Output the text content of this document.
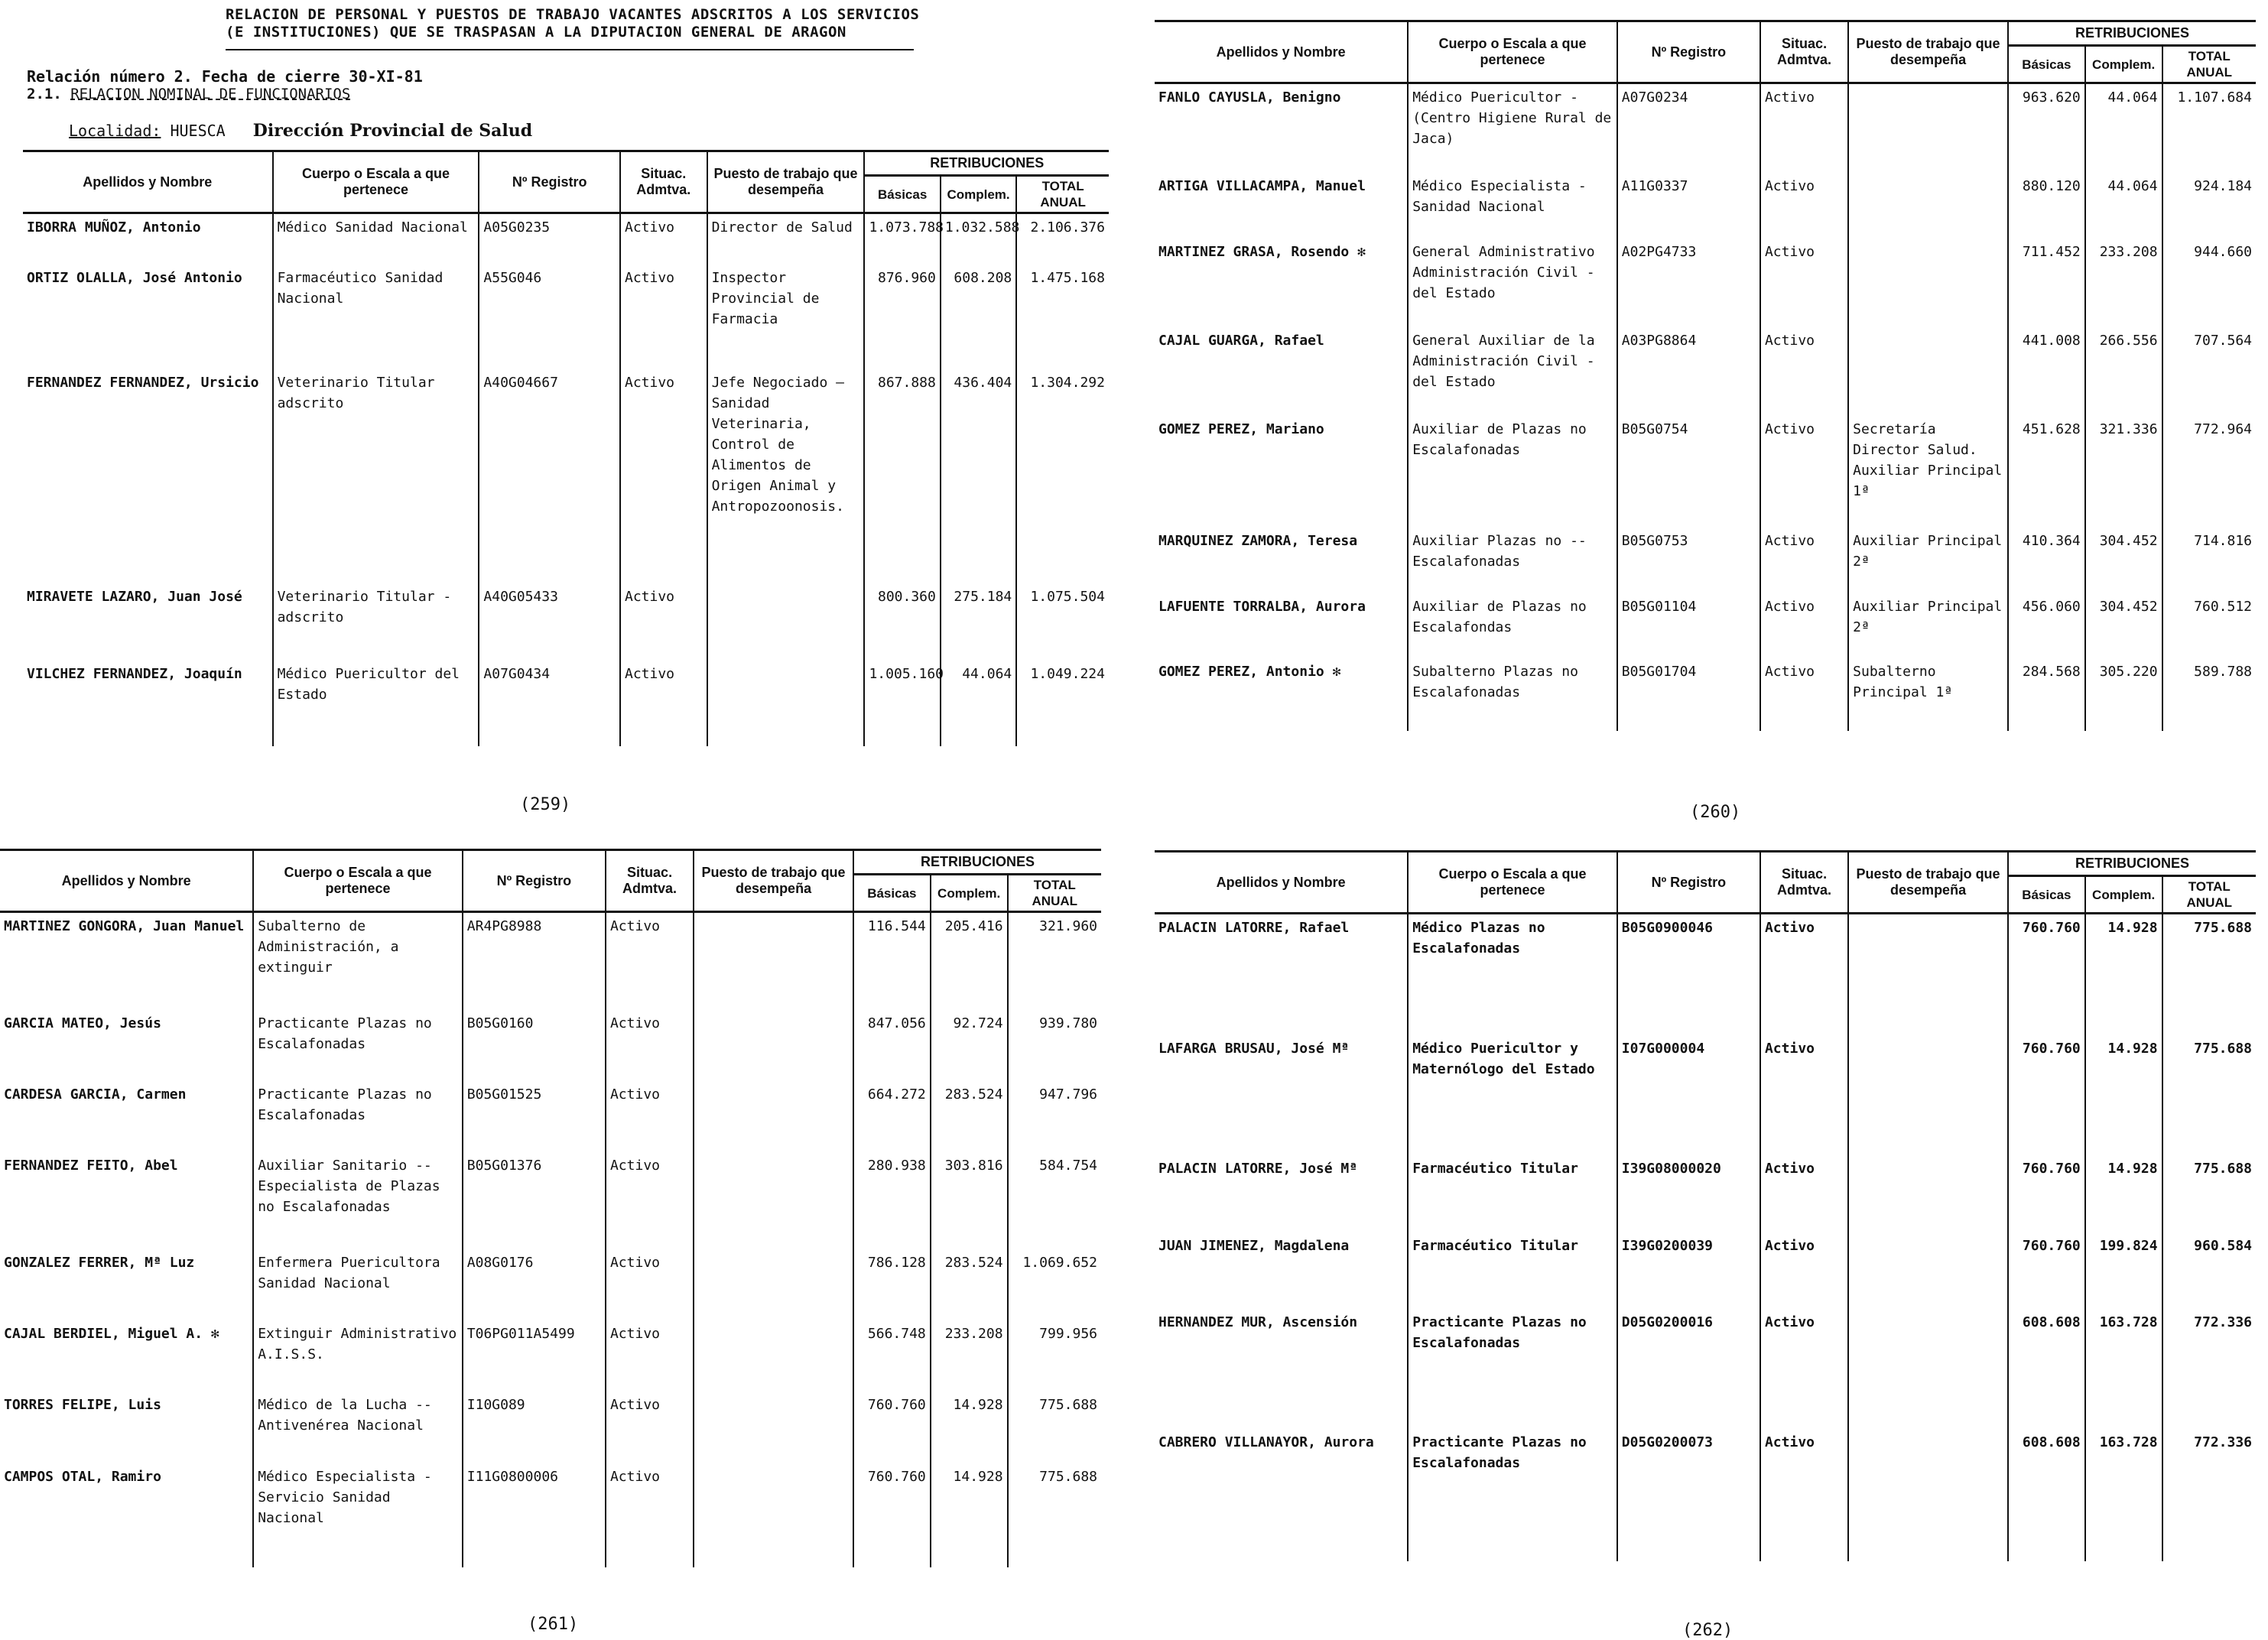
RELACION DE PERSONAL Y PUESTOS DE TRABAJO VACANTES ADSCRITOS A LOS SERVICIOS
(E INSTITUCIONES) QUE SE TRASPASAN A LA DIPUTACION GENERAL DE ARAGON
Relación número 2. Fecha de cierre 30-XI-81
2.1. RELACION NOMINAL DE FUNCIONARIOS
Localidad: HUESCA Dirección Provincial de Salud
Apellidos y Nombre	Cuerpo o Escala a que pertenece	Nº Registro	Situac. Admtva.	Puesto de trabajo que desempeña	RETRIBUCIONES		
					Básicas	Complem.	TOTAL ANUAL
IBORRA MUÑOZ, Antonio	Médico Sanidad Nacional	A05G0235	Activo	Director de Salud	1.073.788	1.032.588	2.106.376
ORTIZ OLALLA, José Antonio	Farmacéutico Sanidad Nacional	A55G046	Activo	Inspector Provincial de Farmacia	876.960	608.208	1.475.168
FERNANDEZ FERNANDEZ, Ursicio	Veterinario Titular adscrito	A40G04667	Activo	Jefe Negociado — Sanidad Veterinaria, Control de Alimentos de Origen Animal y Antropozoonosis.	867.888	436.404	1.304.292
MIRAVETE LAZARO, Juan José	Veterinario Titular - adscrito	A40G05433	Activo		800.360	275.184	1.075.504
VILCHEZ FERNANDEZ, Joaquín	Médico Puericultor del Estado	A07G0434	Activo		1.005.160	44.064	1.049.224

(259)
Apellidos y Nombre	Cuerpo o Escala a que pertenece	Nº Registro	Situac. Admtva.	Puesto de trabajo que desempeña	RETRIBUCIONES		
					Básicas	Complem.	TOTAL ANUAL
FANLO CAYUSLA, Benigno	Médico Puericultor - (Centro Higiene Rural de Jaca)	A07G0234	Activo		963.620	44.064	1.107.684
ARTIGA VILLACAMPA, Manuel	Médico Especialista - Sanidad Nacional	A11G0337	Activo		880.120	44.064	924.184
MARTINEZ GRASA, Rosendo ✻	General Administrativo Administración Civil - del Estado	A02PG4733	Activo		711.452	233.208	944.660
CAJAL GUARGA, Rafael	General Auxiliar de la Administración Civil - del Estado	A03PG8864	Activo		441.008	266.556	707.564
GOMEZ PEREZ, Mariano	Auxiliar de Plazas no Escalafonadas	B05G0754	Activo	Secretaría Director Salud. Auxiliar Principal 1ª	451.628	321.336	772.964
MARQUINEZ ZAMORA, Teresa	Auxiliar Plazas no -- Escalafonadas	B05G0753	Activo	Auxiliar Principal 2ª	410.364	304.452	714.816
LAFUENTE TORRALBA, Aurora	Auxiliar de Plazas no Escalafondas	B05G01104	Activo	Auxiliar Principal 2ª	456.060	304.452	760.512
GOMEZ PEREZ, Antonio ✻	Subalterno Plazas no Escalafonadas	B05G01704	Activo	Subalterno Principal 1ª	284.568	305.220	589.788

(260)
Apellidos y Nombre	Cuerpo o Escala a que pertenece	Nº Registro	Situac. Admtva.	Puesto de trabajo que desempeña	RETRIBUCIONES		
					Básicas	Complem.	TOTAL ANUAL
MARTINEZ GONGORA, Juan Manuel	Subalterno de Administración, a extinguir	AR4PG8988	Activo		116.544	205.416	321.960
GARCIA MATEO, Jesús	Practicante Plazas no Escalafonadas	B05G0160	Activo		847.056	92.724	939.780
CARDESA GARCIA, Carmen	Practicante Plazas no Escalafonadas	B05G01525	Activo		664.272	283.524	947.796
FERNANDEZ FEITO, Abel	Auxiliar Sanitario -- Especialista de Plazas no Escalafonadas	B05G01376	Activo		280.938	303.816	584.754
GONZALEZ FERRER, Mª Luz	Enfermera Puericultora Sanidad Nacional	A08G0176	Activo		786.128	283.524	1.069.652
CAJAL BERDIEL, Miguel A. ✻	Extinguir Administrativo A.I.S.S.	T06PG011A5499	Activo		566.748	233.208	799.956
TORRES FELIPE, Luis	Médico de la Lucha -- Antivenérea Nacional	I10G089	Activo		760.760	14.928	775.688
CAMPOS OTAL, Ramiro	Médico Especialista - Servicio Sanidad Nacional	I11G0800006	Activo		760.760	14.928	775.688

(261)
Apellidos y Nombre	Cuerpo o Escala a que pertenece	Nº Registro	Situac. Admtva.	Puesto de trabajo que desempeña	RETRIBUCIONES		
					Básicas	Complem.	TOTAL ANUAL
PALACIN LATORRE, Rafael	Médico Plazas no Escalafonadas	B05G0900046	Activo		760.760	14.928	775.688
LAFARGA BRUSAU, José Mª	Médico Puericultor y Maternólogo del Estado	I07G000004	Activo		760.760	14.928	775.688
PALACIN LATORRE, José Mª	Farmacéutico Titular	I39G08000020	Activo		760.760	14.928	775.688
JUAN JIMENEZ, Magdalena	Farmacéutico Titular	I39G0200039	Activo		760.760	199.824	960.584
HERNANDEZ MUR, Ascensión	Practicante Plazas no Escalafonadas	D05G0200016	Activo		608.608	163.728	772.336
CABRERO VILLANAYOR, Aurora	Practicante Plazas no Escalafonadas	D05G0200073	Activo		608.608	163.728	772.336

(262)
